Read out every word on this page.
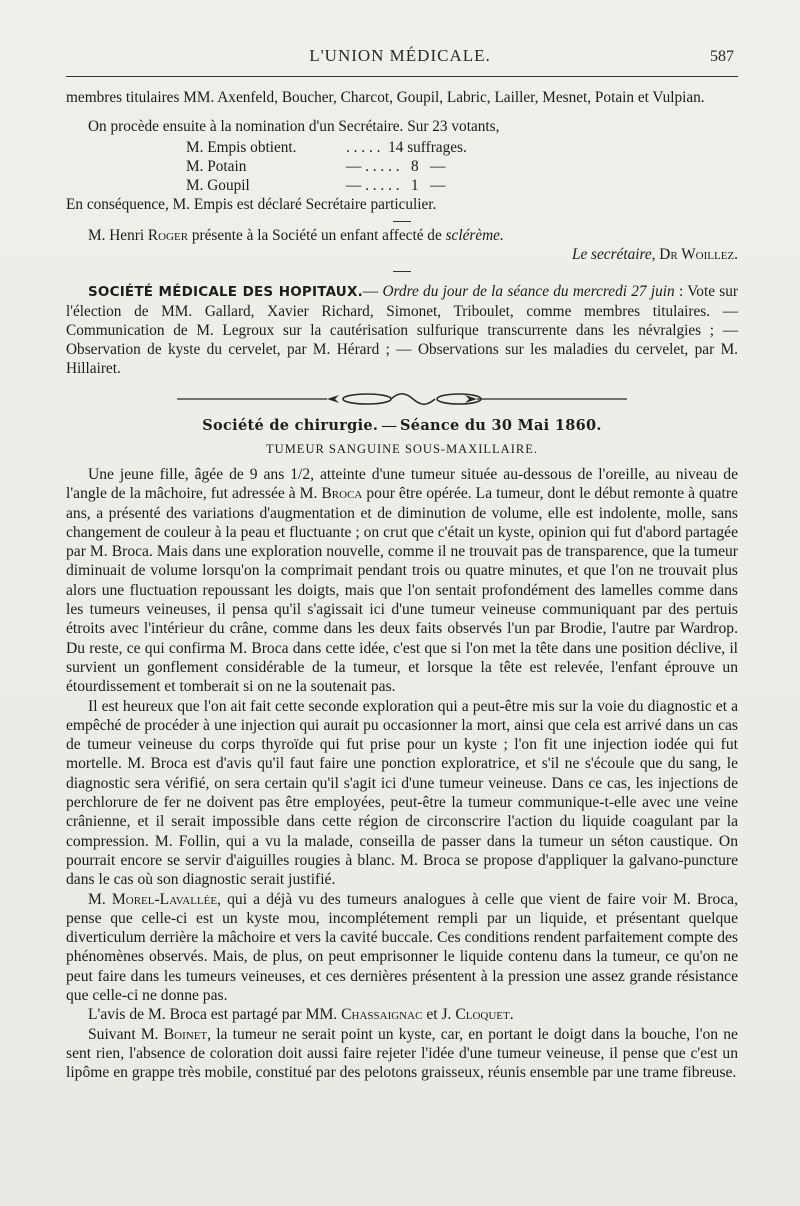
L'UNION MÉDICALE.	587

membres titulaires MM. Axenfeld, Boucher, Charcot, Goupil, Labric, Lailler, Mesnet, Potain et Vulpian.

On procède ensuite à la nomination d'un Secrétaire. Sur 23 votants,

M. Empis obtient.	. . . . .  14 suffrages.
M. Potain	— . . . . .   8   —
M. Goupil	— . . . . .   1   —

En conséquence, M. Empis est déclaré Secrétaire particulier.

M. Henri Roger présente à la Société un enfant affecté de sclérème.

Le secrétaire, Dr Woillez.

SOCIÉTÉ MÉDICALE DES HOPITAUX.— Ordre du jour de la séance du mercredi 27 juin : Vote sur l'élection de MM. Gallard, Xavier Richard, Simonet, Triboulet, comme membres titulaires. — Communication de M. Legroux sur la cautérisation sulfurique transcurrente dans les névralgies ; — Observation de kyste du cervelet, par M. Hérard ; — Observations sur les maladies du cervelet, par M. Hillairet.

Société de chirurgie. — Séance du 30 Mai 1860.

TUMEUR SANGUINE SOUS-MAXILLAIRE.

Une jeune fille, âgée de 9 ans 1/2, atteinte d'une tumeur située au-dessous de l'oreille, au niveau de l'angle de la mâchoire, fut adressée à M. Broca pour être opérée. La tumeur, dont le début remonte à quatre ans, a présenté des variations d'augmentation et de diminution de volume, elle est indolente, molle, sans changement de couleur à la peau et fluctuante ; on crut que c'était un kyste, opinion qui fut d'abord partagée par M. Broca. Mais dans une exploration nouvelle, comme il ne trouvait pas de transparence, que la tumeur diminuait de volume lorsqu'on la comprimait pendant trois ou quatre minutes, et que l'on ne trouvait plus alors une fluctuation repoussant les doigts, mais que l'on sentait profondément des lamelles comme dans les tumeurs veineuses, il pensa qu'il s'agissait ici d'une tumeur veineuse communiquant par des pertuis étroits avec l'intérieur du crâne, comme dans les deux faits observés l'un par Brodie, l'autre par Wardrop. Du reste, ce qui confirma M. Broca dans cette idée, c'est que si l'on met la tête dans une position déclive, il survient un gonflement considérable de la tumeur, et lorsque la tête est relevée, l'enfant éprouve un étourdissement et tomberait si on ne la soutenait pas.

Il est heureux que l'on ait fait cette seconde exploration qui a peut-être mis sur la voie du diagnostic et a empêché de procéder à une injection qui aurait pu occasionner la mort, ainsi que cela est arrivé dans un cas de tumeur veineuse du corps thyroïde qui fut prise pour un kyste ; l'on fit une injection iodée qui fut mortelle. M. Broca est d'avis qu'il faut faire une ponction exploratrice, et s'il ne s'écoule que du sang, le diagnostic sera vérifié, on sera certain qu'il s'agit ici d'une tumeur veineuse. Dans ce cas, les injections de perchlorure de fer ne doivent pas être employées, peut-être la tumeur communique-t-elle avec une veine crânienne, et il serait impossible dans cette région de circonscrire l'action du liquide coagulant par la compression. M. Follin, qui a vu la malade, conseilla de passer dans la tumeur un séton caustique. On pourrait encore se servir d'aiguilles rougies à blanc. M. Broca se propose d'appliquer la galvano-puncture dans le cas où son diagnostic serait justifié.

M. Morel-Lavallée, qui a déjà vu des tumeurs analogues à celle que vient de faire voir M. Broca, pense que celle-ci est un kyste mou, incomplétement rempli par un liquide, et présentant quelque diverticulum derrière la mâchoire et vers la cavité buccale. Ces conditions rendent parfaitement compte des phénomènes observés. Mais, de plus, on peut emprisonner le liquide contenu dans la tumeur, ce qu'on ne peut faire dans les tumeurs veineuses, et ces dernières présentent à la pression une assez grande résistance que celle-ci ne donne pas.

L'avis de M. Broca est partagé par MM. Chassaignac et J. Cloquet.

Suivant M. Boinet, la tumeur ne serait point un kyste, car, en portant le doigt dans la bouche, l'on ne sent rien, l'absence de coloration doit aussi faire rejeter l'idée d'une tumeur veineuse, il pense que c'est un lipôme en grappe très mobile, constitué par des pelotons graisseux, réunis ensemble par une trame fibreuse.
